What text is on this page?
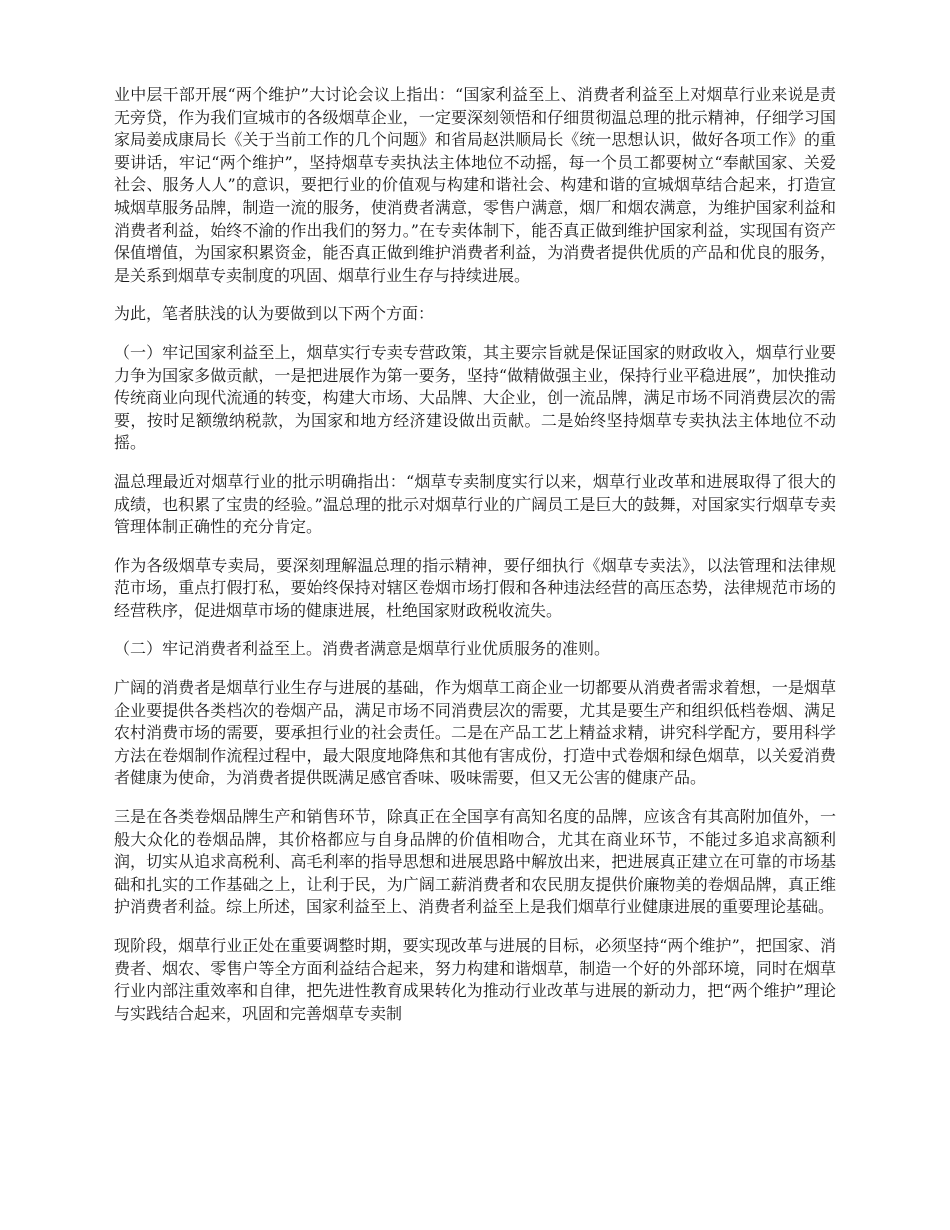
业中层干部开展“两个维护”大讨论会议上指出：“国家利益至上、消费者利益至上对烟草行业来说是责无旁贷，作为我们宣城市的各级烟草企业，一定要深刻领悟和仔细贯彻温总理的批示精神，仔细学习国家局姜成康局长《关于当前工作的几个问题》和省局赵洪顺局长《统一思想认识，做好各项工作》的重要讲话，牢记“两个维护”，坚持烟草专卖执法主体地位不动摇，每一个员工都要树立“奉献国家、关爱社会、服务人人”的意识，要把行业的价值观与构建和谐社会、构建和谐的宣城烟草结合起来，打造宣城烟草服务品牌，制造一流的服务，使消费者满意，零售户满意，烟厂和烟农满意，为维护国家利益和消费者利益，始终不渝的作出我们的努力。”在专卖体制下，能否真正做到维护国家利益，实现国有资产保值增值，为国家积累资金，能否真正做到维护消费者利益，为消费者提供优质的产品和优良的服务，是关系到烟草专卖制度的巩固、烟草行业生存与持续进展。

为此，笔者肤浅的认为要做到以下两个方面：

（一）牢记国家利益至上，烟草实行专卖专营政策，其主要宗旨就是保证国家的财政收入，烟草行业要力争为国家多做贡献，一是把进展作为第一要务，坚持“做精做强主业，保持行业平稳进展”，加快推动传统商业向现代流通的转变，构建大市场、大品牌、大企业，创一流品牌，满足市场不同消费层次的需要，按时足额缴纳税款，为国家和地方经济建设做出贡献。二是始终坚持烟草专卖执法主体地位不动摇。

温总理最近对烟草行业的批示明确指出：“烟草专卖制度实行以来，烟草行业改革和进展取得了很大的成绩，也积累了宝贵的经验。”温总理的批示对烟草行业的广阔员工是巨大的鼓舞，对国家实行烟草专卖管理体制正确性的充分肯定。

作为各级烟草专卖局，要深刻理解温总理的指示精神，要仔细执行《烟草专卖法》，以法管理和法律规范市场，重点打假打私，要始终保持对辖区卷烟市场打假和各种违法经营的高压态势，法律规范市场的经营秩序，促进烟草市场的健康进展，杜绝国家财政税收流失。

（二）牢记消费者利益至上。消费者满意是烟草行业优质服务的准则。

广阔的消费者是烟草行业生存与进展的基础，作为烟草工商企业一切都要从消费者需求着想，一是烟草企业要提供各类档次的卷烟产品，满足市场不同消费层次的需要，尤其是要生产和组织低档卷烟、满足农村消费市场的需要，要承担行业的社会责任。二是在产品工艺上精益求精，讲究科学配方，要用科学方法在卷烟制作流程过程中，最大限度地降焦和其他有害成份，打造中式卷烟和绿色烟草，以关爱消费者健康为使命，为消费者提供既满足感官香味、吸味需要，但又无公害的健康产品。

三是在各类卷烟品牌生产和销售环节，除真正在全国享有高知名度的品牌，应该含有其高附加值外，一般大众化的卷烟品牌，其价格都应与自身品牌的价值相吻合，尤其在商业环节，不能过多追求高额利润，切实从追求高税利、高毛利率的指导思想和进展思路中解放出来，把进展真正建立在可靠的市场基础和扎实的工作基础之上，让利于民，为广阔工薪消费者和农民朋友提供价廉物美的卷烟品牌，真正维护消费者利益。综上所述，国家利益至上、消费者利益至上是我们烟草行业健康进展的重要理论基础。

现阶段，烟草行业正处在重要调整时期，要实现改革与进展的目标，必须坚持“两个维护”，把国家、消费者、烟农、零售户等全方面利益结合起来，努力构建和谐烟草，制造一个好的外部环境，同时在烟草行业内部注重效率和自律，把先进性教育成果转化为推动行业改革与进展的新动力，把“两个维护”理论与实践结合起来，巩固和完善烟草专卖制
